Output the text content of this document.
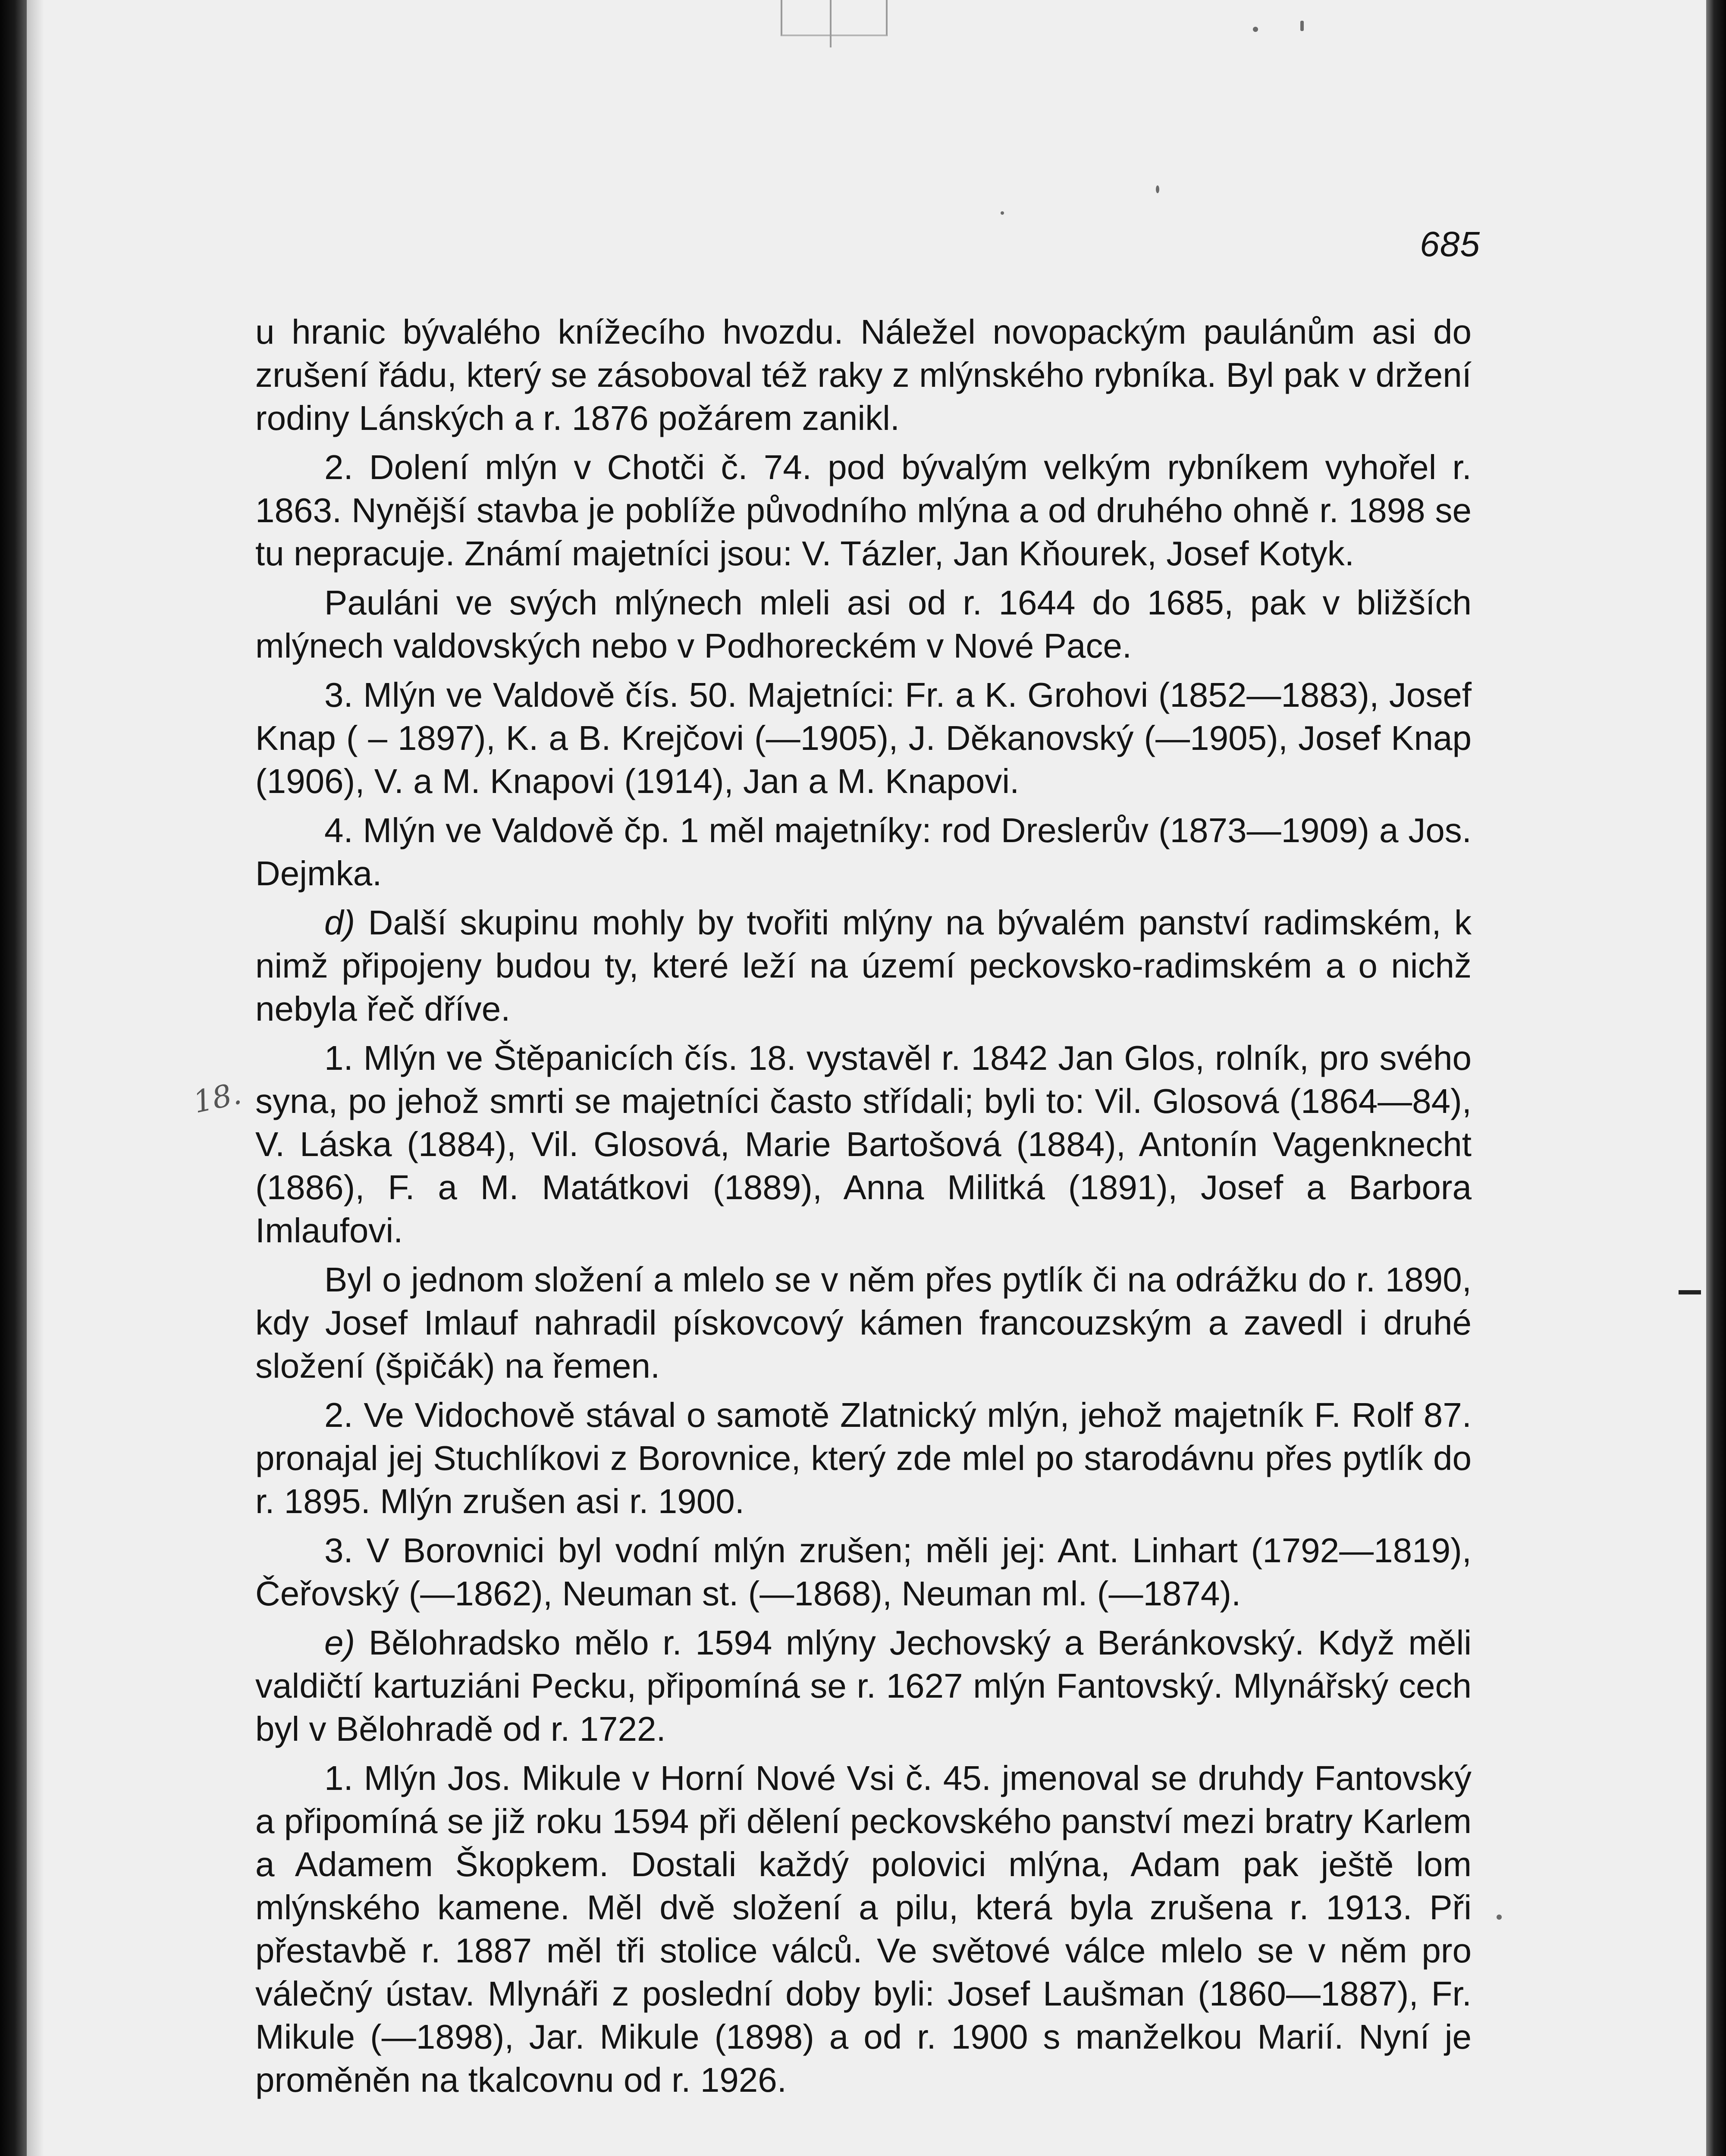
685
18.

u hranic bývalého knížecího hvozdu. Náležel novopackým paulánům asi do zrušení řádu, který se zásoboval též raky z mlýnského rybníka. Byl pak v držení rodiny Lánských a r. 1876 požárem zanikl.

2. Dolení mlýn v Chotči č. 74. pod bývalým velkým rybníkem vyhořel r. 1863. Nynější stavba je poblíže původního mlýna a od druhého ohně r. 1898 se tu nepracuje. Známí majetníci jsou: V. Tázler, Jan Kňourek, Josef Kotyk.

Pauláni ve svých mlýnech mleli asi od r. 1644 do 1685, pak v bližších mlýnech valdovských nebo v Podhoreckém v Nové Pace.

3. Mlýn ve Valdově čís. 50. Majetníci: Fr. a K. Grohovi (1852—1883), Josef Knap ( – 1897), K. a B. Krejčovi (—1905), J. Děkanovský (—1905), Josef Knap (1906), V. a M. Knapovi (1914), Jan a M. Knapovi.

4. Mlýn ve Valdově čp. 1 měl majetníky: rod Dreslerův (1873—1909) a Jos. Dejmka.

d) Další skupinu mohly by tvořiti mlýny na bývalém panství radimském, k nimž připojeny budou ty, které leží na území peckovsko-radimském a o nichž nebyla řeč dříve.

1. Mlýn ve Štěpanicích čís. 18. vystavěl r. 1842 Jan Glos, rolník, pro svého syna, po jehož smrti se majetníci často střídali; byli to: Vil. Glosová (1864—84), V. Láska (1884), Vil. Glosová, Marie Bartošová (1884), Antonín Vagenknecht (1886), F. a M. Matátkovi (1889), Anna Militká (1891), Josef a Barbora Imlaufovi.

Byl o jednom složení a mlelo se v něm přes pytlík či na odrážku do r. 1890, kdy Josef Imlauf nahradil pískovcový kámen francouzským a zavedl i druhé složení (špičák) na řemen.

2. Ve Vidochově stával o samotě Zlatnický mlýn, jehož majetník F. Rolf 87. pronajal jej Stuchlíkovi z Borovnice, který zde mlel po starodávnu přes pytlík do r. 1895. Mlýn zrušen asi r. 1900.

3. V Borovnici byl vodní mlýn zrušen; měli jej: Ant. Linhart (1792—1819), Čeřovský (—1862), Neuman st. (—1868), Neuman ml. (—1874).

e) Bělohradsko mělo r. 1594 mlýny Jechovský a Beránkovský. Když měli valdičtí kartuziáni Pecku, připomíná se r. 1627 mlýn Fantovský. Mlynářský cech byl v Bělohradě od r. 1722.

1. Mlýn Jos. Mikule v Horní Nové Vsi č. 45. jmenoval se druhdy Fantovský a připomíná se již roku 1594 při dělení peckovského panství mezi bratry Karlem a Adamem Škopkem. Dostali každý polovici mlýna, Adam pak ještě lom mlýnského kamene. Měl dvě složení a pilu, která byla zrušena r. 1913. Při přestavbě r. 1887 měl tři stolice válců. Ve světové válce mlelo se v něm pro válečný ústav. Mlynáři z poslední doby byli: Josef Laušman (1860—1887), Fr. Mikule (—1898), Jar. Mikule (1898) a od r. 1900 s manželkou Marií. Nyní je proměněn na tkalcovnu od r. 1926.
